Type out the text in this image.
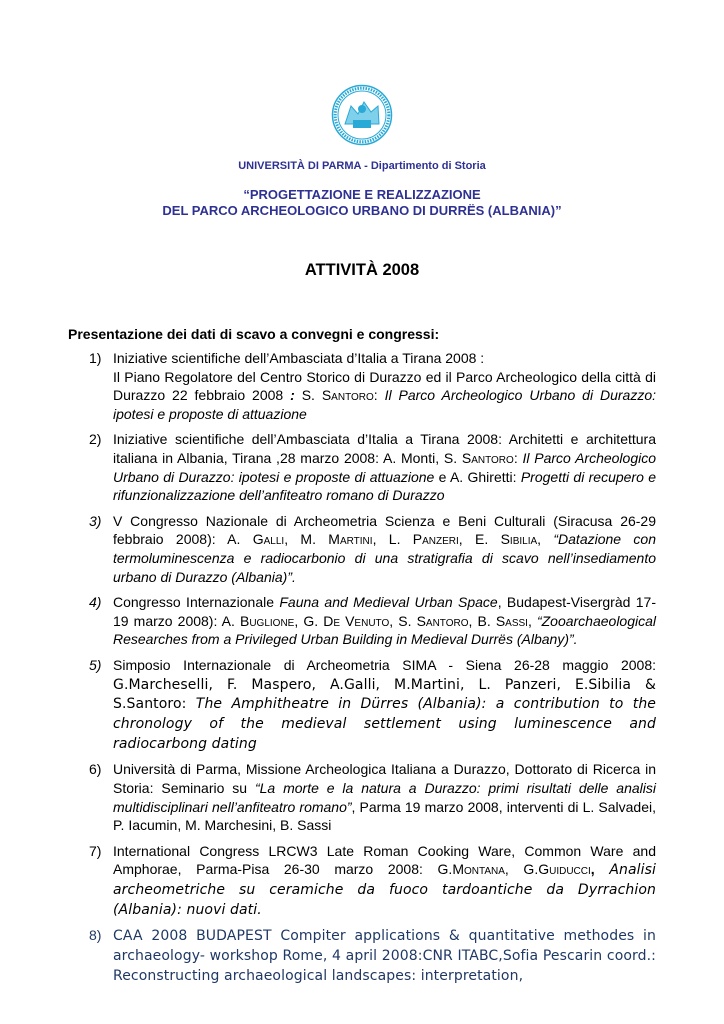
UNIVERSITÀ DI PARMA - Dipartimento di Storia
“PROGETTAZIONE E REALIZZAZIONE
DEL PARCO ARCHEOLOGICO URBANO DI DURRËS (ALBANIA)”
ATTIVITÀ 2008
Presentazione dei dati di scavo a convegni e congressi:
1) Iniziative scientifiche dell’Ambasciata d’Italia a Tirana 2008 :
Il Piano Regolatore del Centro Storico di Durazzo ed il Parco Archeologico della città di Durazzo 22 febbraio 2008 : S. Santoro: Il Parco Archeologico Urbano di Durazzo: ipotesi e proposte di attuazione
2) Iniziative scientifiche dell’Ambasciata d’Italia a Tirana 2008: Architetti e architettura italiana in Albania, Tirana ,28 marzo 2008: A. Monti, S. Santoro: Il Parco Archeologico Urbano di Durazzo: ipotesi e proposte di attuazione e A. Ghiretti: Progetti di recupero e rifunzionalizzazione dell’anfiteatro romano di Durazzo
3) V Congresso Nazionale di Archeometria Scienza e Beni Culturali (Siracusa 26-29 febbraio 2008): A. Galli, M. Martini, L. Panzeri, E. Sibilia, “Datazione con termoluminescenza e radiocarbonio di una stratigrafia di scavo nell’insediamento urbano di Durazzo (Albania)”.
4) Congresso Internazionale Fauna and Medieval Urban Space, Budapest-Visergràd 17-19 marzo 2008): A. Buglione, G. De Venuto, S. Santoro, B. Sassi, “Zooarchaeological Researches from a Privileged Urban Building in Medieval Durrës (Albany)”.
5) Simposio Internazionale di Archeometria SIMA - Siena 26-28 maggio 2008: G.Marcheselli, F. Maspero, A.Galli, M.Martini, L. Panzeri, E.Sibilia & S.Santoro: The Amphitheatre in Dürres (Albania): a contribution to the chronology of the medieval settlement using luminescence and radiocarbong dating
6) Università di Parma, Missione Archeologica Italiana a Durazzo, Dottorato di Ricerca in Storia: Seminario su “La morte e la natura a Durazzo: primi risultati delle analisi multidisciplinari nell’anfiteatro romano”, Parma 19 marzo 2008, interventi di L. Salvadei, P. Iacumin, M. Marchesini, B. Sassi
7) International Congress LRCW3 Late Roman Cooking Ware, Common Ware and Amphorae, Parma-Pisa 26-30 marzo 2008: G.Montana, G.Guiducci, Analisi archeometriche su ceramiche da fuoco tardoantiche da Dyrrachion (Albania): nuovi dati.
8) CAA 2008 BUDAPEST Compiter applications & quantitative methodes in archaeology- workshop Rome, 4 april 2008:CNR ITABC,Sofia Pescarin coord.: Reconstructing archaeological landscapes: interpretation,
